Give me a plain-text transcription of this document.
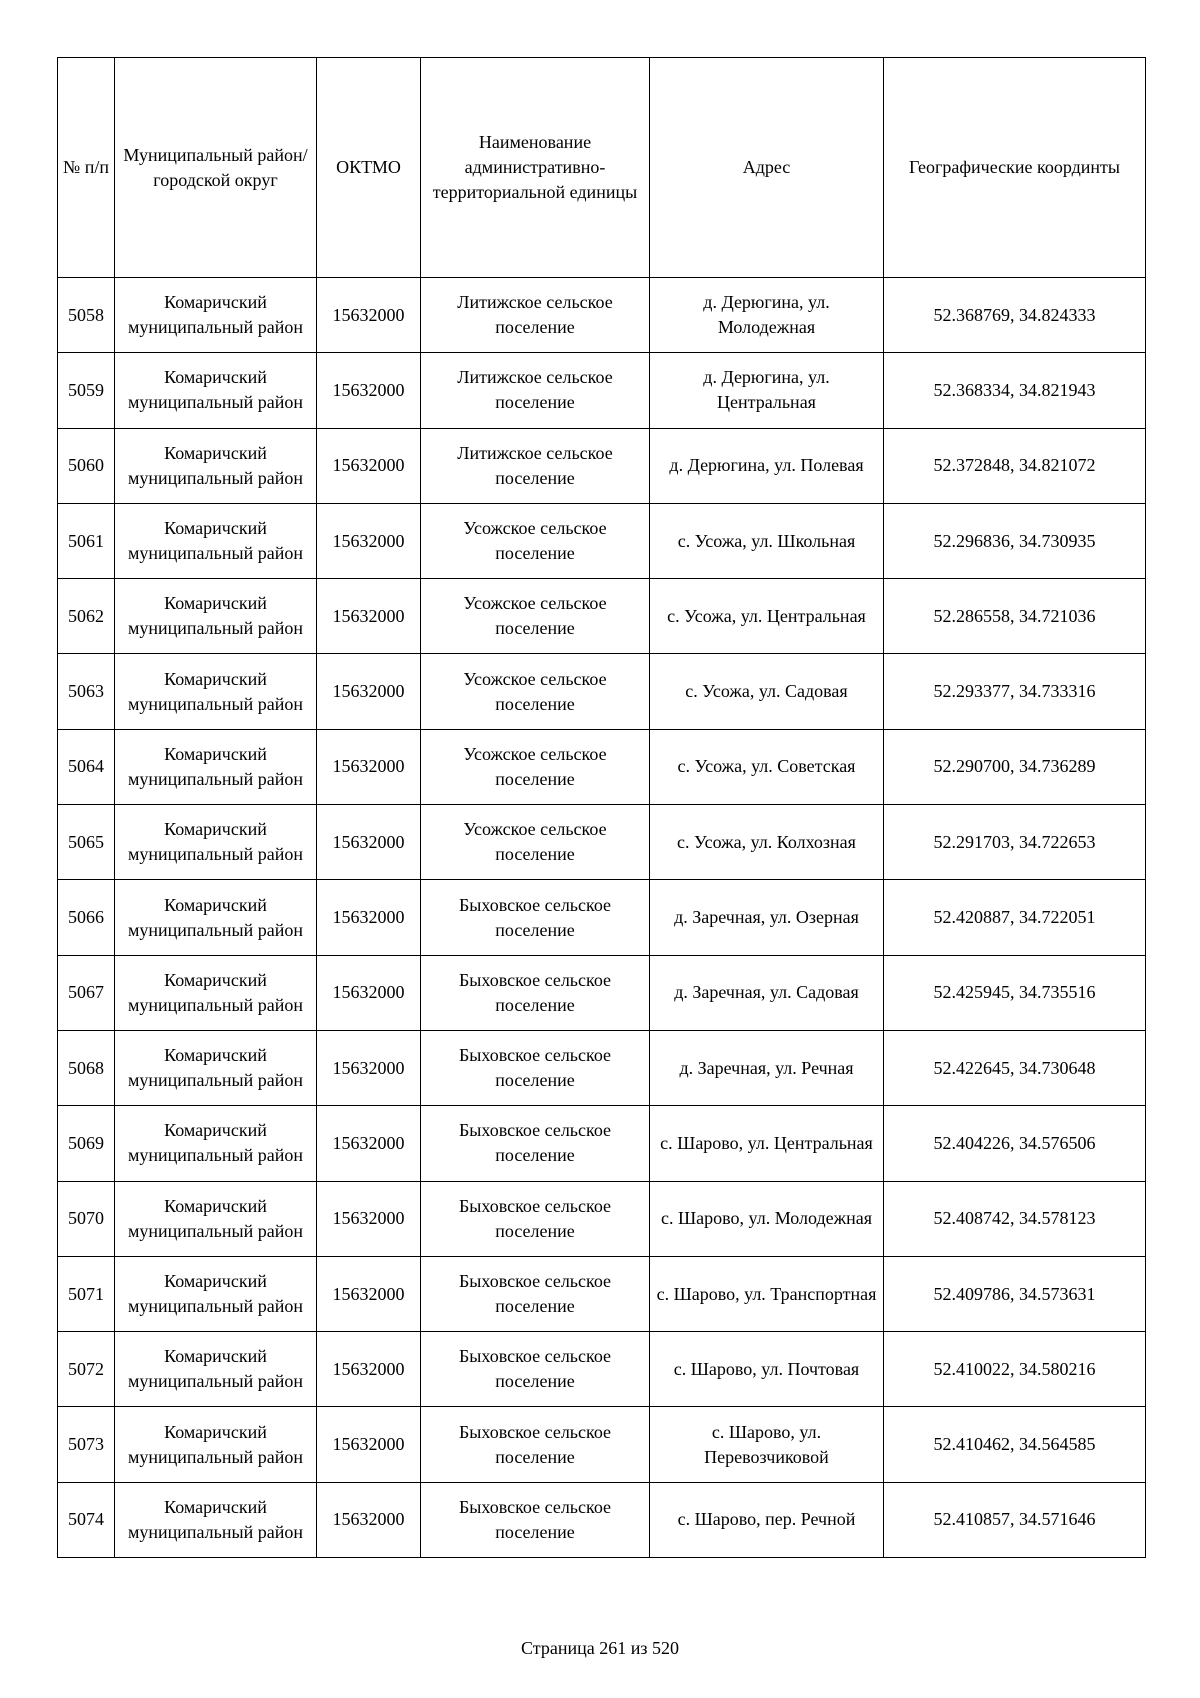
№ п/п	Муниципальный район/городской округ	ОКТМО	Наименование административно-территориальной единицы	Адрес	Географические координты
5058	Комаричский муниципальный район	15632000	Литижское сельское поселение	д. Дерюгина, ул. Молодежная	52.368769, 34.824333
5059	Комаричский муниципальный район	15632000	Литижское сельское поселение	д. Дерюгина, ул. Центральная	52.368334, 34.821943
5060	Комаричский муниципальный район	15632000	Литижское сельское поселение	д. Дерюгина, ул. Полевая	52.372848, 34.821072
5061	Комаричский муниципальный район	15632000	Усожское сельское поселение	с. Усожа, ул. Школьная	52.296836, 34.730935
5062	Комаричский муниципальный район	15632000	Усожское сельское поселение	с. Усожа, ул. Центральная	52.286558, 34.721036
5063	Комаричский муниципальный район	15632000	Усожское сельское поселение	с. Усожа, ул. Садовая	52.293377, 34.733316
5064	Комаричский муниципальный район	15632000	Усожское сельское поселение	с. Усожа, ул. Советская	52.290700, 34.736289
5065	Комаричский муниципальный район	15632000	Усожское сельское поселение	с. Усожа, ул. Колхозная	52.291703, 34.722653
5066	Комаричский муниципальный район	15632000	Быховское сельское поселение	д. Заречная, ул. Озерная	52.420887, 34.722051
5067	Комаричский муниципальный район	15632000	Быховское сельское поселение	д. Заречная, ул. Садовая	52.425945, 34.735516
5068	Комаричский муниципальный район	15632000	Быховское сельское поселение	д. Заречная, ул. Речная	52.422645, 34.730648
5069	Комаричский муниципальный район	15632000	Быховское сельское поселение	с. Шарово, ул. Центральная	52.404226, 34.576506
5070	Комаричский муниципальный район	15632000	Быховское сельское поселение	с. Шарово, ул. Молодежная	52.408742, 34.578123
5071	Комаричский муниципальный район	15632000	Быховское сельское поселение	с. Шарово, ул. Транспортная	52.409786, 34.573631
5072	Комаричский муниципальный район	15632000	Быховское сельское поселение	с. Шарово, ул. Почтовая	52.410022, 34.580216
5073	Комаричский муниципальный район	15632000	Быховское сельское поселение	с. Шарово, ул. Перевозчиковой	52.410462, 34.564585
5074	Комаричский муниципальный район	15632000	Быховское сельское поселение	с. Шарово, пер. Речной	52.410857, 34.571646
Страница 261 из 520
